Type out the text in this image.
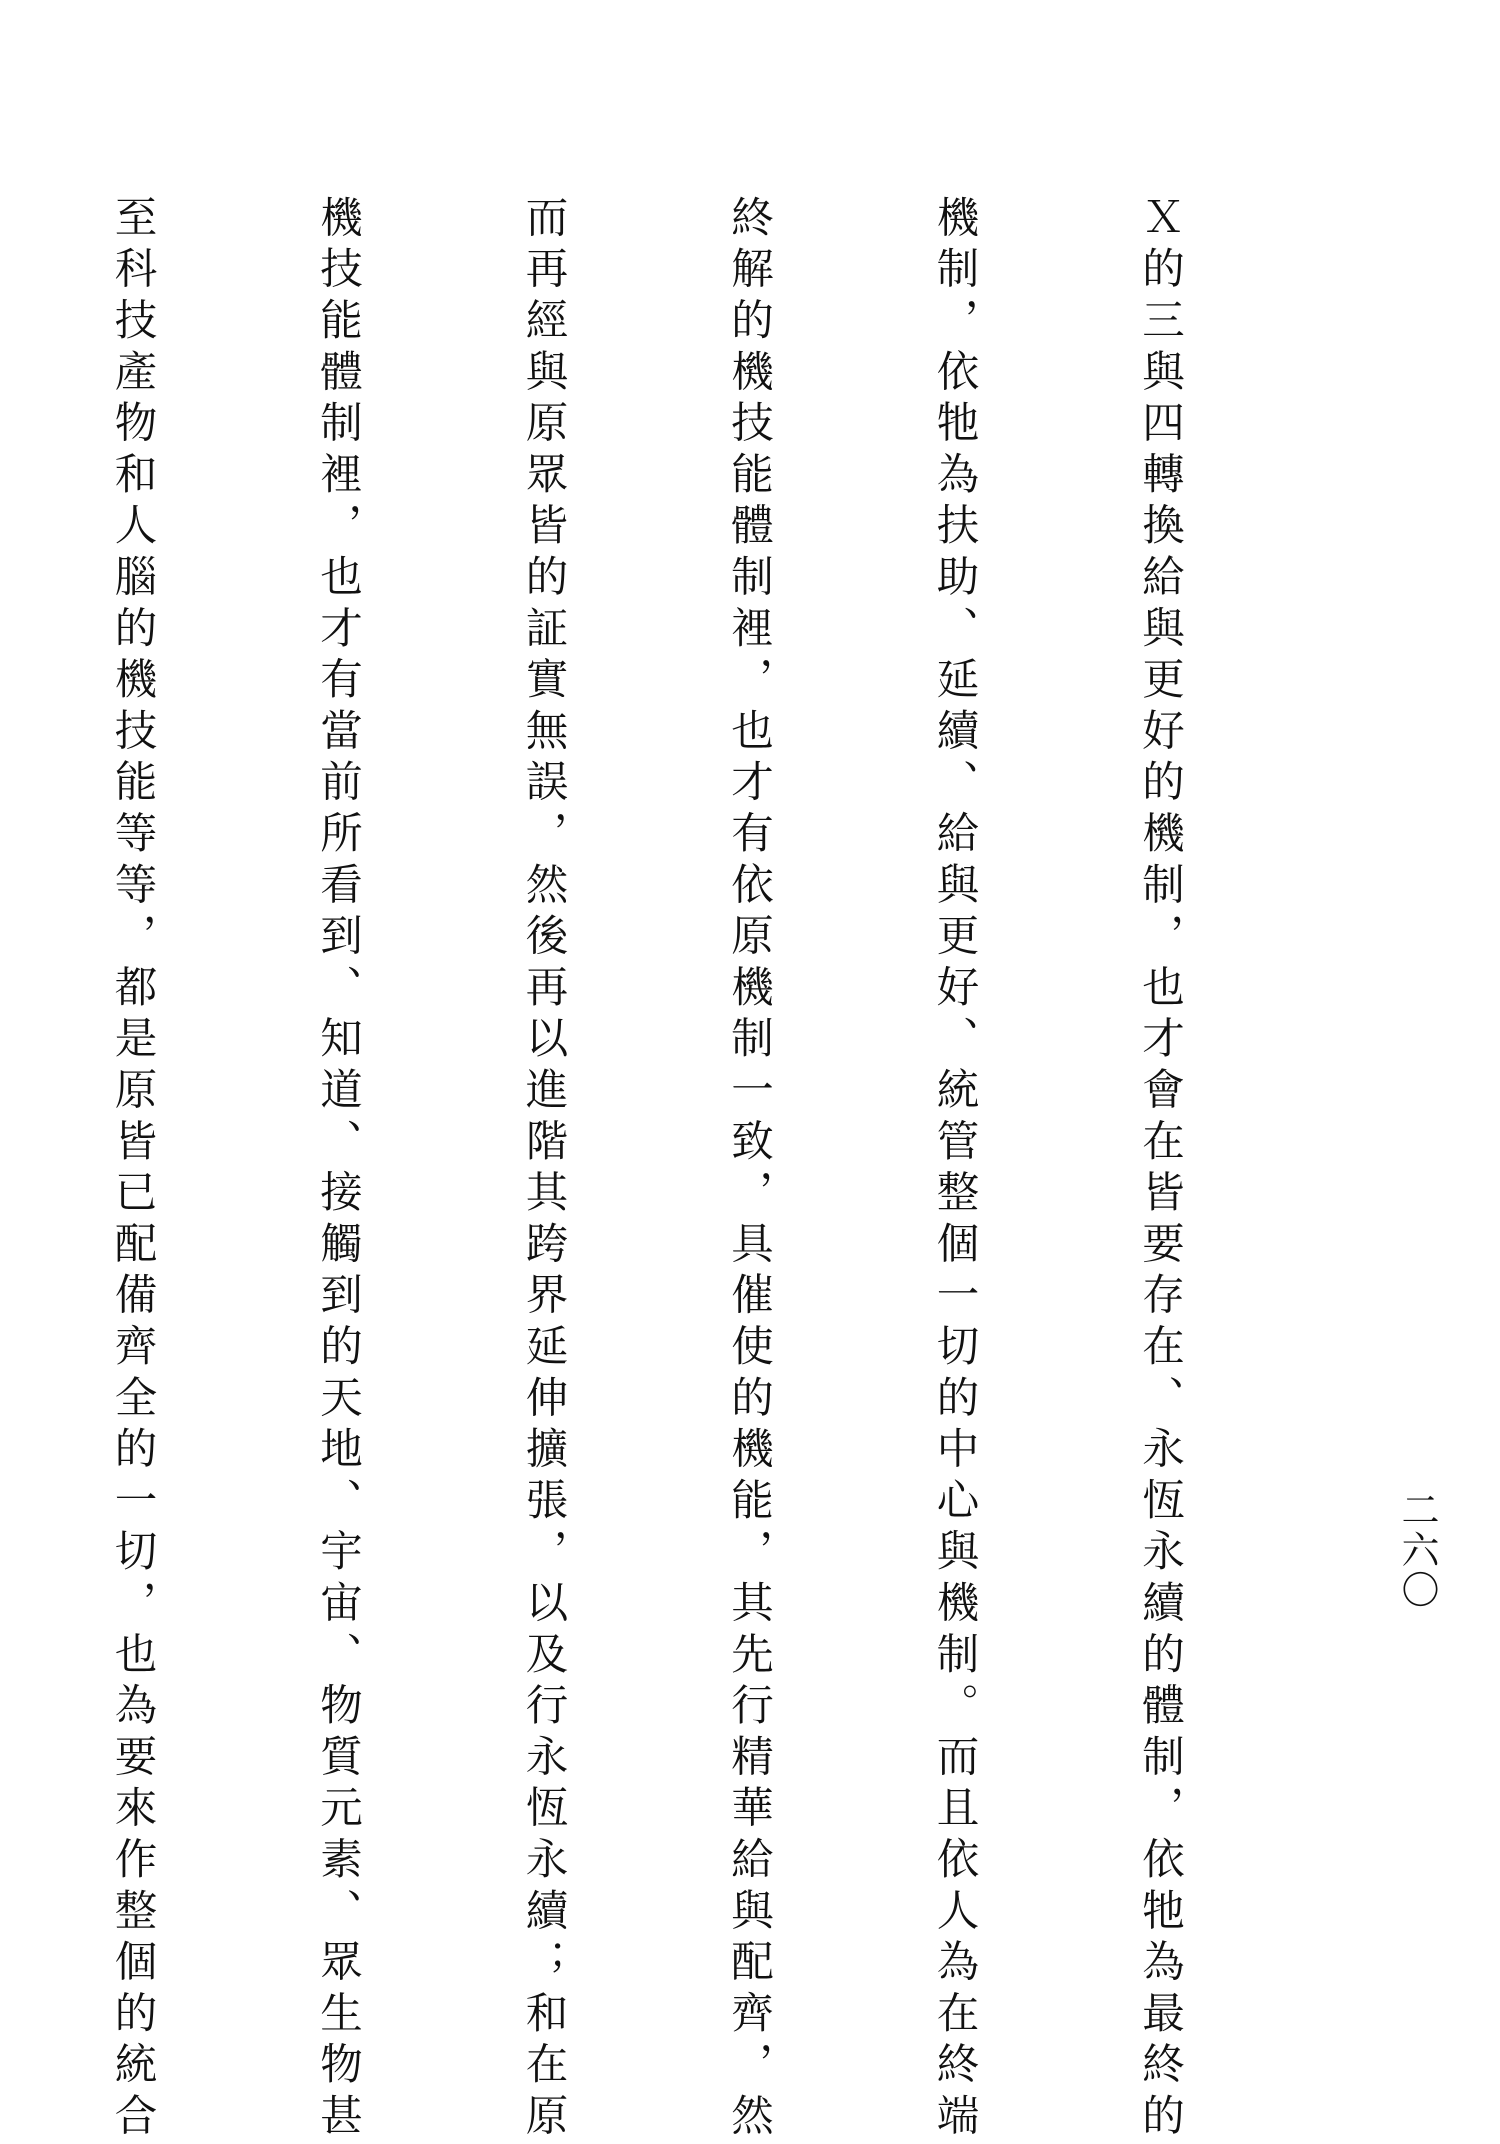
Ｘ的三與四轉換給與更好的機制，也才會在皆要存在、永恆永續的體制，依牠為最終的

機制，依牠為扶助、延續、給與更好、統管整個一切的中心與機制。而且依人為在終端

終解的機技能體制裡，也才有依原機制一致，具催使的機能，其先行精華給與配齊，然

而再經與原眾皆的証實無誤，然後再以進階其跨界延伸擴張，以及行永恆永續；和在原

機技能體制裡，也才有當前所看到、知道、接觸到的天地、宇宙、物質元素、眾生物甚

至科技產物和人腦的機技能等等，都是原皆已配備齊全的一切，也為要來作整個的統合

	二六〇
